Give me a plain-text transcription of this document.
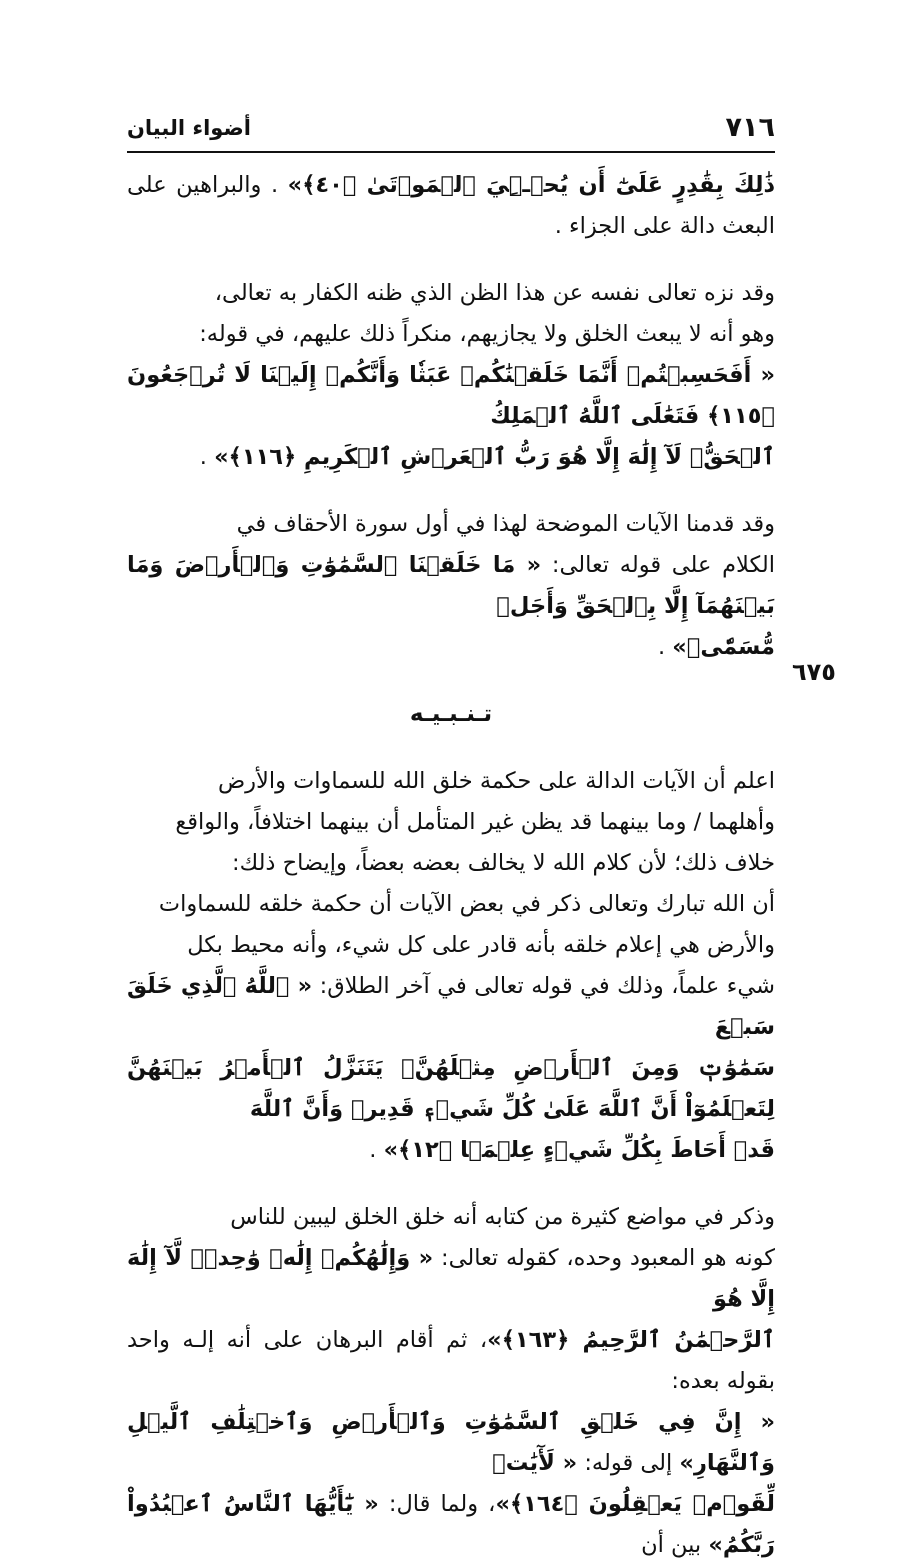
٧١٦
أضواء البيان
٦٧٥

ذَٰلِكَ بِقَٰدِرٍ عَلَىٰٓ أَن يُحۡـِۧيَ ٱلۡمَوۡتَىٰ ﴿٤٠﴾» . والبراهين على البعث دالة على الجزاء .

وقد نزه تعالى نفسه عن هذا الظن الذي ظنه الكفار به تعالى،

وهو أنه لا يبعث الخلق ولا يجازيهم، منكراً ذلك عليهم، في قوله:

« أَفَحَسِبۡتُمۡ أَنَّمَا خَلَقۡنَٰكُمۡ عَبَثٗا وَأَنَّكُمۡ إِلَيۡنَا لَا تُرۡجَعُونَ ﴿١١٥﴾ فَتَعَٰلَى ٱللَّهُ ٱلۡمَلِكُ

ٱلۡحَقُّۖ لَآ إِلَٰهَ إِلَّا هُوَ رَبُّ ٱلۡعَرۡشِ ٱلۡكَرِيمِ ﴿١١٦﴾» .

وقد قدمنا الآيات الموضحة لهذا في أول سورة الأحقاف في

الكلام على قوله تعالى: « مَا خَلَقۡنَا ٱلسَّمَٰوَٰتِ وَٱلۡأَرۡضَ وَمَا بَيۡنَهُمَآ إِلَّا بِٱلۡحَقِّ وَأَجَلٖ

مُّسَمّٗىۚ» .

تـنـبـيـه

اعلم أن الآيات الدالة على حكمة خلق الله للسماوات والأرض

وأهلهما / وما بينهما قد يظن غير المتأمل أن بينهما اختلافاً، والواقع

خلاف ذلك؛ لأن كلام الله لا يخالف بعضه بعضاً، وإيضاح ذلك:

أن الله تبارك وتعالى ذكر في بعض الآيات أن حكمة خلقه للسماوات

والأرض هي إعلام خلقه بأنه قادر على كل شيء، وأنه محيط بكل

شيء علماً، وذلك في قوله تعالى في آخر الطلاق: « ٱللَّهُ ٱلَّذِي خَلَقَ سَبۡعَ

سَمَٰوَٰتٖ وَمِنَ ٱلۡأَرۡضِ مِثۡلَهُنَّۖ يَتَنَزَّلُ ٱلۡأَمۡرُ بَيۡنَهُنَّ لِتَعۡلَمُوٓاْ أَنَّ ٱللَّهَ عَلَىٰ كُلِّ شَيۡءٖ قَدِيرٞ وَأَنَّ ٱللَّهَ

قَدۡ أَحَاطَ بِكُلِّ شَيۡءٍ عِلۡمَۢا ﴿١٢﴾» .

وذكر في مواضع كثيرة من كتابه أنه خلق الخلق ليبين للناس

كونه هو المعبود وحده، كقوله تعالى: « وَإِلَٰهُكُمۡ إِلَٰهٞ وَٰحِدٞۖ لَّآ إِلَٰهَ إِلَّا هُوَ

ٱلرَّحۡمَٰنُ ٱلرَّحِيمُ ﴿١٦٣﴾»، ثم أقام البرهان على أنه إلـه واحد بقوله بعده:

« إِنَّ فِي خَلۡقِ ٱلسَّمَٰوَٰتِ وَٱلۡأَرۡضِ وَٱخۡتِلَٰفِ ٱلَّيۡلِ وَٱلنَّهَارِ» إلى قوله: « لَأٓيَٰتٖ

لِّقَوۡمٖ يَعۡقِلُونَ ﴿١٦٤﴾»، ولما قال: « يَٰٓأَيُّهَا ٱلنَّاسُ ٱعۡبُدُواْ رَبَّكُمُ» بين أن
